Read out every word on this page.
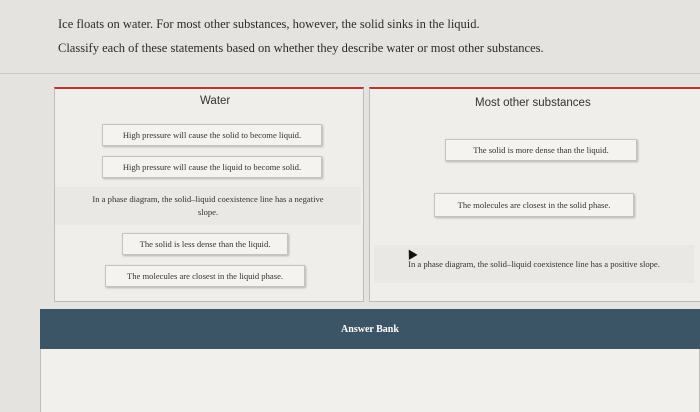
Ice floats on water. For most other substances, however, the solid sinks in the liquid.

Classify each of these statements based on whether they describe water or most other substances.

Water
High pressure will cause the solid to become liquid.
High pressure will cause the liquid to become solid.
In a phase diagram, the solid–liquid coexistence line has a negative slope.
The solid is less dense than the liquid.
The molecules are closest in the liquid phase.
Most other substances
The solid is more dense than the liquid.
The molecules are closest in the solid phase.
In a phase diagram, the solid–liquid coexistence line has a positive slope.
Answer Bank
